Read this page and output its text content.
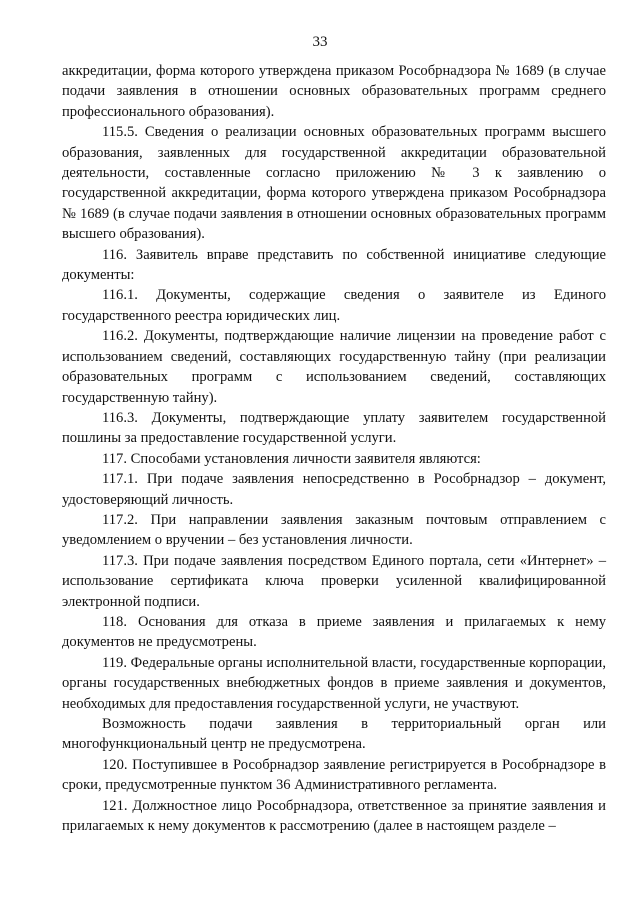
33

аккредитации, форма которого утверждена приказом Рособрнадзора № 1689 (в случае подачи заявления в отношении основных образовательных программ среднего профессионального образования).

115.5. Сведения о реализации основных образовательных программ высшего образования, заявленных для государственной аккредитации образовательной деятельности, составленные согласно приложению № 3 к заявлению о государственной аккредитации, форма которого утверждена приказом Рособрнадзора № 1689 (в случае подачи заявления в отношении основных образовательных программ высшего образования).

116. Заявитель вправе представить по собственной инициативе следующие документы:

116.1. Документы, содержащие сведения о заявителе из Единого государственного реестра юридических лиц.

116.2. Документы, подтверждающие наличие лицензии на проведение работ с использованием сведений, составляющих государственную тайну (при реализации образовательных программ с использованием сведений, составляющих государственную тайну).

116.3. Документы, подтверждающие уплату заявителем государственной пошлины за предоставление государственной услуги.

117. Способами установления личности заявителя являются:

117.1. При подаче заявления непосредственно в Рособрнадзор – документ, удостоверяющий личность.

117.2. При направлении заявления заказным почтовым отправлением с уведомлением о вручении – без установления личности.

117.3. При подаче заявления посредством Единого портала, сети «Интернет» – использование сертификата ключа проверки усиленной квалифицированной электронной подписи.

118. Основания для отказа в приеме заявления и прилагаемых к нему документов не предусмотрены.

119. Федеральные органы исполнительной власти, государственные корпорации, органы государственных внебюджетных фондов в приеме заявления и документов, необходимых для предоставления государственной услуги, не участвуют.

Возможность подачи заявления в территориальный орган или многофункциональный центр не предусмотрена.

120. Поступившее в Рособрнадзор заявление регистрируется в Рособрнадзоре в сроки, предусмотренные пунктом 36 Административного регламента.

121. Должностное лицо Рособрнадзора, ответственное за принятие заявления и прилагаемых к нему документов к рассмотрению (далее в настоящем разделе –
